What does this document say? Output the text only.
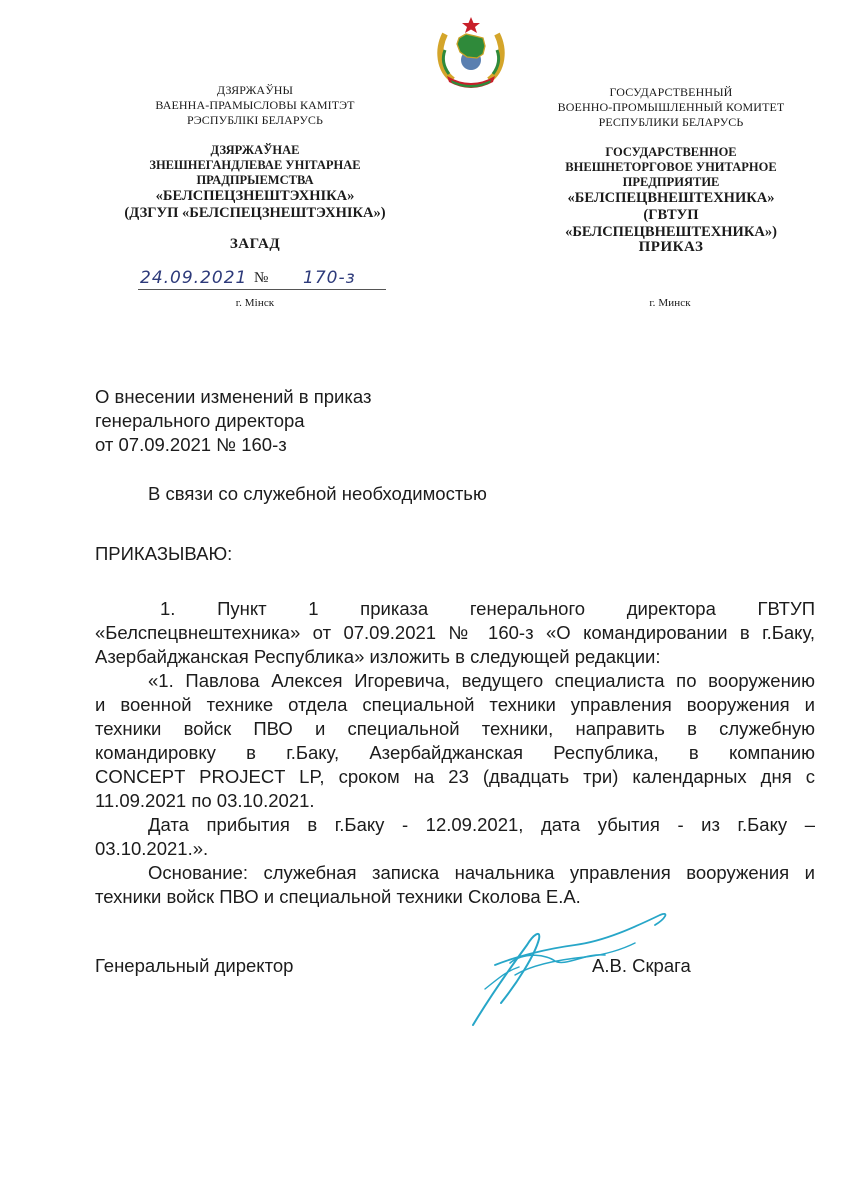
ДЗЯРЖАЎНЫ
ВАЕННА-ПРАМЫСЛОВЫ КАМІТЭТ
РЭСПУБЛІКІ БЕЛАРУСЬ
ДЗЯРЖАЎНАЕ
ЗНЕШНЕГАНДЛЕВАЕ УНІТАРНАЕ
ПРАДПРЫЕМСТВА
«БЕЛСПЕЦЗНЕШТЭХНІКА»
(ДЗГУП «БЕЛСПЕЦЗНЕШТЭХНІКА»)
ЗАГАД
24.09.2021 № 170-з
г. Мінск
ГОСУДАРСТВЕННЫЙ
ВОЕННО-ПРОМЫШЛЕННЫЙ КОМИТЕТ
РЕСПУБЛИКИ БЕЛАРУСЬ
ГОСУДАРСТВЕННОЕ
ВНЕШНЕТОРГОВОЕ УНИТАРНОЕ
ПРЕДПРИЯТИЕ
«БЕЛСПЕЦВНЕШТЕХНИКА»
(ГВТУП «БЕЛСПЕЦВНЕШТЕХНИКА»)
ПРИКАЗ
г. Минск
О внесении изменений в приказ
генерального директора
от 07.09.2021 № 160-з
В связи со служебной необходимостью
ПРИКАЗЫВАЮ:
1. Пункт 1 приказа генерального директора ГВТУП
«Белспецвнештехника» от 07.09.2021 № 160-з «О командировании в г.Баку,
Азербайджанская Республика» изложить в следующей редакции:
«1. Павлова Алексея Игоревича, ведущего специалиста по вооружению
и военной технике отдела специальной техники управления вооружения и
техники войск ПВО и специальной техники, направить в служебную
командировку в г.Баку, Азербайджанская Республика, в компанию
CONCEPT PROJECT LP, сроком на 23 (двадцать три) календарных дня с
11.09.2021 по 03.10.2021.
Дата прибытия в г.Баку - 12.09.2021, дата убытия - из г.Баку –
03.10.2021.».
Основание: служебная записка начальника управления вооружения и
техники войск ПВО и специальной техники Сколова Е.А.
Генеральный директор	А.В. Скрага
